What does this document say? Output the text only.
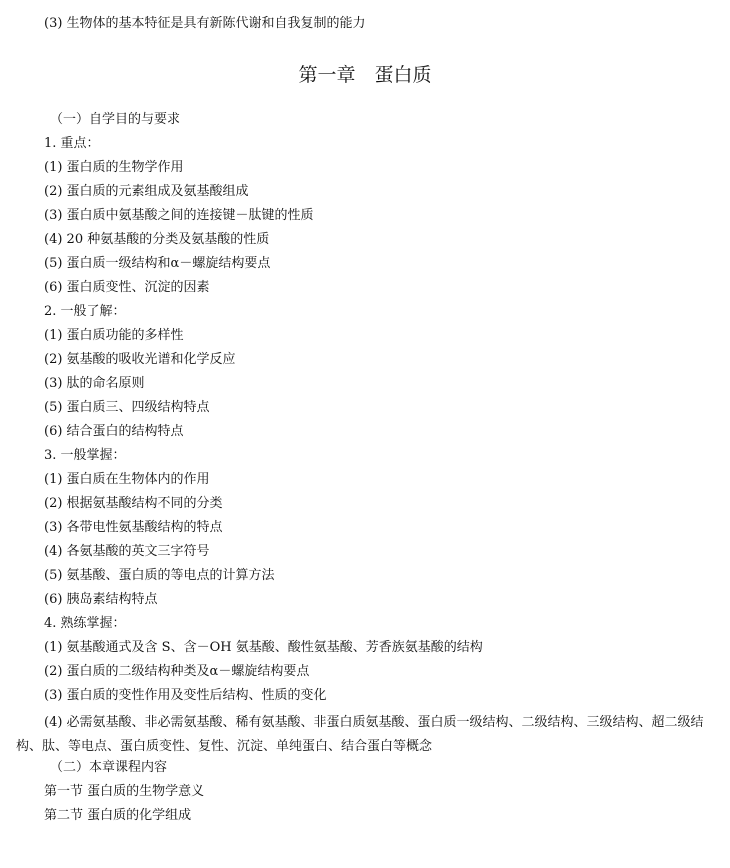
(3) 生物体的基本特征是具有新陈代谢和自我复制的能力
第一章　蛋白质
（一）自学目的与要求
1. 重点：
(1) 蛋白质的生物学作用
(2) 蛋白质的元素组成及氨基酸组成
(3) 蛋白质中氨基酸之间的连接键－肽键的性质
(4) 20 种氨基酸的分类及氨基酸的性质
(5) 蛋白质一级结构和α－螺旋结构要点
(6) 蛋白质变性、沉淀的因素
2. 一般了解：
(1) 蛋白质功能的多样性
(2) 氨基酸的吸收光谱和化学反应
(3) 肽的命名原则
(5) 蛋白质三、四级结构特点
(6) 结合蛋白的结构特点
3. 一般掌握：
(1) 蛋白质在生物体内的作用
(2) 根据氨基酸结构不同的分类
(3) 各带电性氨基酸结构的特点
(4) 各氨基酸的英文三字符号
(5) 氨基酸、蛋白质的等电点的计算方法
(6) 胰岛素结构特点
4. 熟练掌握：
(1) 氨基酸通式及含 S、含－OH 氨基酸、酸性氨基酸、芳香族氨基酸的结构
(2) 蛋白质的二级结构种类及α－螺旋结构要点
(3) 蛋白质的变性作用及变性后结构、性质的变化
(4) 必需氨基酸、非必需氨基酸、稀有氨基酸、非蛋白质氨基酸、蛋白质一级结构、二级结构、三级结构、超二级结构、肽、等电点、蛋白质变性、复性、沉淀、单纯蛋白、结合蛋白等概念
（二）本章课程内容
第一节 蛋白质的生物学意义
第二节 蛋白质的化学组成
